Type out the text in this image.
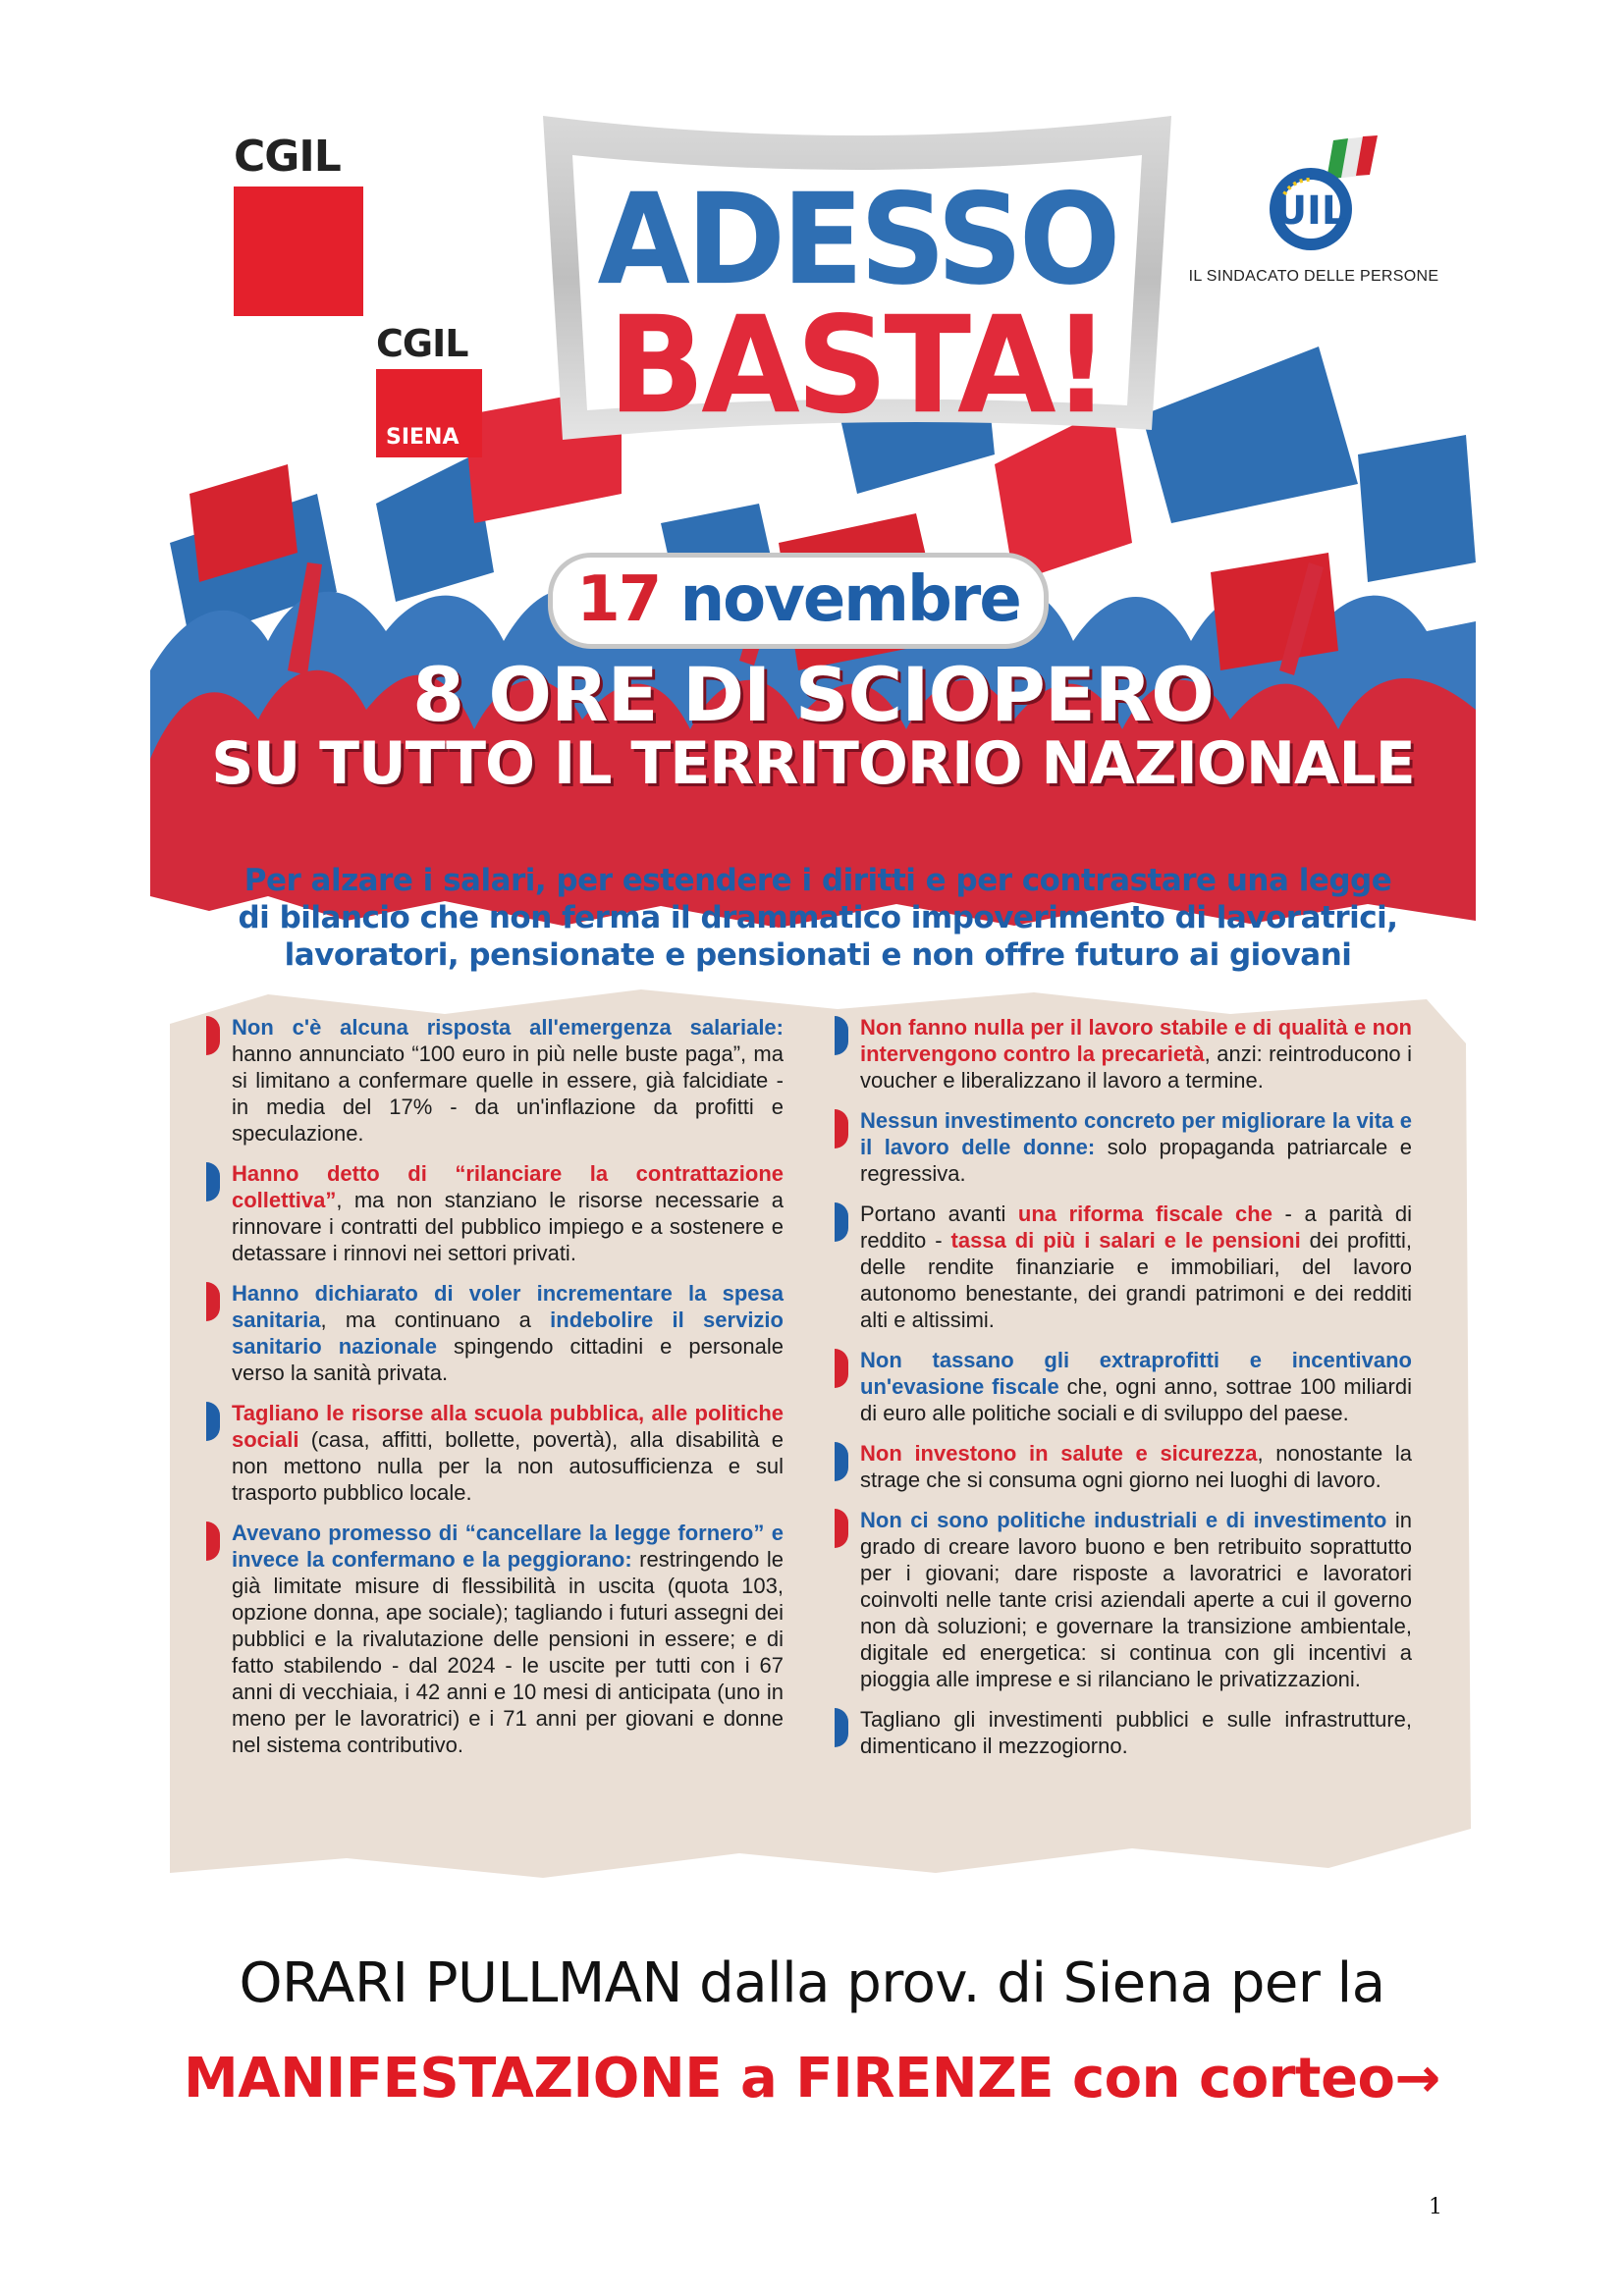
ADESSO
BASTA!
CGIL
CGIL
SIENA
UIL
IL SINDACATO DELLE PERSONE
17 novembre
8 ORE DI SCIOPERO
SU TUTTO IL TERRITORIO NAZIONALE
Per alzare i salari, per estendere i diritti e per contrastare una legge di bilancio che non ferma il drammatico impoverimento di lavoratrici, lavoratori, pensionate e pensionati e non offre futuro ai giovani
Non c'è alcuna risposta all'emergenza salariale: hanno annunciato “100 euro in più nelle buste paga”, ma si limitano a confermare quelle in essere, già falcidiate - in media del 17% - da un'inflazione da profitti e speculazione.
Hanno detto di “rilanciare la contrattazione collettiva”, ma non stanziano le risorse necessarie a rinnovare i contratti del pubblico impiego e a sostenere e detassare i rinnovi nei settori privati.
Hanno dichiarato di voler incrementare la spesa sanitaria, ma continuano a indebolire il servizio sanitario nazionale spingendo cittadini e personale verso la sanità privata.
Tagliano le risorse alla scuola pubblica, alle politiche sociali (casa, affitti, bollette, povertà), alla disabilità e non mettono nulla per la non autosufficienza e sul trasporto pubblico locale.
Avevano promesso di “cancellare la legge fornero” e invece la confermano e la peggiorano: restringendo le già limitate misure di flessibilità in uscita (quota 103, opzione donna, ape sociale); tagliando i futuri assegni dei pubblici e la rivalutazione delle pensioni in essere; e di fatto stabilendo - dal 2024 - le uscite per tutti con i 67 anni di vecchiaia, i 42 anni e 10 mesi di anticipata (uno in meno per le lavoratrici) e i 71 anni per giovani e donne nel sistema contributivo.
Non fanno nulla per il lavoro stabile e di qualità e non intervengono contro la precarietà, anzi: reintroducono i voucher e liberalizzano il lavoro a termine.
Nessun investimento concreto per migliorare la vita e il lavoro delle donne: solo propaganda patriarcale e regressiva.
Portano avanti una riforma fiscale che - a parità di reddito - tassa di più i salari e le pensioni dei profitti, delle rendite finanziarie e immobiliari, del lavoro autonomo benestante, dei grandi patrimoni e dei redditi alti e altissimi.
Non tassano gli extraprofitti e incentivano un'evasione fiscale che, ogni anno, sottrae 100 miliardi di euro alle politiche sociali e di sviluppo del paese.
Non investono in salute e sicurezza, nonostante la strage che si consuma ogni giorno nei luoghi di lavoro.
Non ci sono politiche industriali e di investimento in grado di creare lavoro buono e ben retribuito soprattutto per i giovani; dare risposte a lavoratrici e lavoratori coinvolti nelle tante crisi aziendali aperte a cui il governo non dà soluzioni; e governare la transizione ambientale, digitale ed energetica: si continua con gli incentivi a pioggia alle imprese e si rilanciano le privatizzazioni.
Tagliano gli investimenti pubblici e sulle infrastrutture, dimenticano il mezzogiorno.
ORARI PULLMAN dalla prov. di Siena per la
MANIFESTAZIONE a FIRENZE con corteo→
1
